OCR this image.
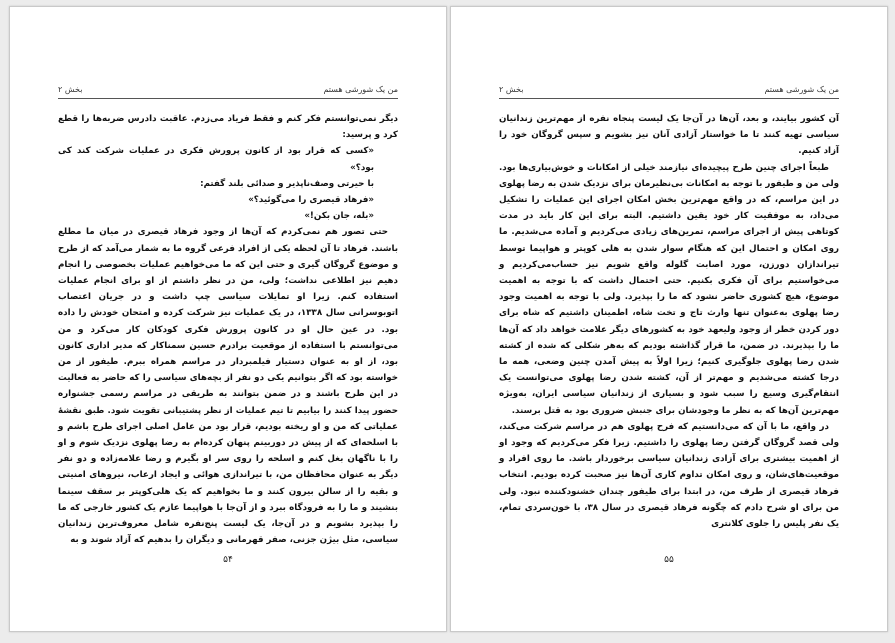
من یک شورشی هستم
بخش ۲

دیگر نمی‌توانستم فکر کنم و فقط فریاد می‌زدم. عاقبت دادرس ضربه‌ها را قطع کرد و پرسید:

«کسی که قرار بود از کانون پرورش فکری در عملیات شرکت کند کی بود؟»

با حیرتی وصف‌ناپذیر و صدائی بلند گفتم:

«فرهاد قیصری را می‌گوئید؟»

«بله، جان بکن!»

حتی تصور هم نمی‌کردم که آن‌ها از وجود فرهاد قیصری در میان ما مطلع باشند. فرهاد تا آن لحظه یکی از افراد فرعی گروه ما به شمار می‌آمد که از طرح و موضوع گروگان گیری و حتی این که ما می‌خواهیم عملیات بخصوصی را انجام دهیم نیز اطلاعی نداشت؛ ولی، من در نظر داشتم از او برای انجام عملیات استفاده کنم. زیرا او تمایلات سیاسی چپ داشت و در جریان اعتصاب اتوبوسرانی سال ۱۳۳۸، در یک عملیات نیز شرکت کرده و امتحان خودش را داده بود. در عین حال او در کانون پرورش فکری کودکان کار می‌کرد و من می‌توانستم با استفاده از موقعیت برادرم حسین سمناکار که مدیر اداری کانون بود، از او به عنوان دستیار فیلمبردار در مراسم همراه ببرم. طیفور از من خواسته بود که اگر بتوانیم یکی دو نفر از بچه‌های سیاسی را که حاضر به فعالیت در این طرح باشند و در ضمن بتوانند به طریقی در مراسم رسمی جشنواره حضور پیدا کنند را بیابیم تا تیم عملیات از نظر پشتیبانی تقویت شود. طبق نقشهٔ عملیاتی که من و او ریخته بودیم، قرار بود من عامل اصلی اجرای طرح باشم و با اسلحه‌ای که از پیش در دوربینم پنهان کرده‌ام به رضا پهلوی نزدیک شوم و او را با ناگهان بغل کنم و اسلحه را روی سر او بگیرم و رضا علامه‌زاده و دو نفر دیگر به عنوان محافظان من، با تیراندازی هوائی و ایجاد ارعاب، نیروهای امنیتی و بقیه را از سالن بیرون کنند و ما بخواهیم که یک هلی‌کوپتر بر سقف سینما بنشیند و ما را به فرودگاه ببرد و از آن‌جا با هواپیما عازم یک کشور خارجی که ما را بپذیرد بشویم و در آن‌جا، یک لیست پنج‌نفره شامل معروف‌ترین زندانیان سیاسی، مثل بیژن جزنی، صفر قهرمانی و دیگران را بدهیم که آزاد شوند و به

۵۴
من یک شورشی هستم
بخش ۲

آن کشور بیایند، و بعد، آن‌ها در آن‌جا یک لیست پنجاه نفره از مهم‌ترین زندانیان سیاسی تهیه کنند تا ما خواستار آزادی آنان نیز بشویم و سپس گروگان خود را آزاد کنیم.

طبعاً اجرای چنین طرح پیچیده‌ای نیازمند خیلی از امکانات و خوش‌بیاری‌ها بود. ولی من و طیفور با توجه به امکانات بی‌نظیرمان برای نزدیک شدن به رضا پهلوی در این مراسم، که در واقع مهم‌ترین بخش امکان اجرای این عملیات را تشکیل می‌داد، به موفقیت کار خود یقین داشتیم. البته برای این کار باید در مدت کوتاهی پیش از اجرای مراسم، تمرین‌های زیادی می‌کردیم و آماده می‌شدیم. ما روی امکان و احتمال این که هنگام سوار شدن به هلی کوپتر و هواپیما توسط تیراندازان دورزن، مورد اصابت گلوله واقع شویم نیز حساب‌می‌کردیم و می‌خواستیم برای آن فکری بکنیم. حتی احتمال داشت که با توجه به اهمیت موضوع، هیچ کشوری حاضر نشود که ما را بپذیرد. ولی با توجه به اهمیت وجود رضا پهلوی به‌عنوان تنها وارث تاج و تخت شاه، اطمینان داشتیم که شاه برای دور کردن خطر از وجود ولیعهد خود به کشورهای دیگر علامت خواهد داد که آن‌ها ما را بپذیرند. در ضمن، ما قرار گذاشته بودیم که به‌هر شکلی که شده از کشته شدن رضا پهلوی جلوگیری کنیم؛ زیرا اولاً به پیش آمدن چنین وضعی، همه ما درجا کشته می‌شدیم و مهم‌تر از آن، کشته شدن رضا پهلوی می‌توانست یک انتقام‌گیری وسیع را سبب شود و بسیاری از زندانیان سیاسی ایران، به‌ویژه مهم‌ترین آن‌ها که به نظر ما وجودشان برای جنبش ضروری بود به قتل برسند.

در واقع، ما با آن که می‌دانستیم که فرح پهلوی هم در مراسم شرکت می‌کند، ولی قصد گروگان گرفتن رضا پهلوی را داشتیم. زیرا فکر می‌کردیم که وجود او از اهمیت بیشتری برای آزادی زندانیان سیاسی برخوردار باشد. ما روی افراد و موقعیت‌های‌شان، و روی امکان تداوم کاری آن‌ها نیز صحبت کرده بودیم. انتخاب فرهاد قیصری از طرف من، در ابتدا برای طیفور چندان خشنودکننده نبود. ولی من برای او شرح دادم که چگونه فرهاد قیصری در سال ۳۸، با خون‌سردی تمام، یک نفر پلیس را جلوی کلانتری

۵۵
